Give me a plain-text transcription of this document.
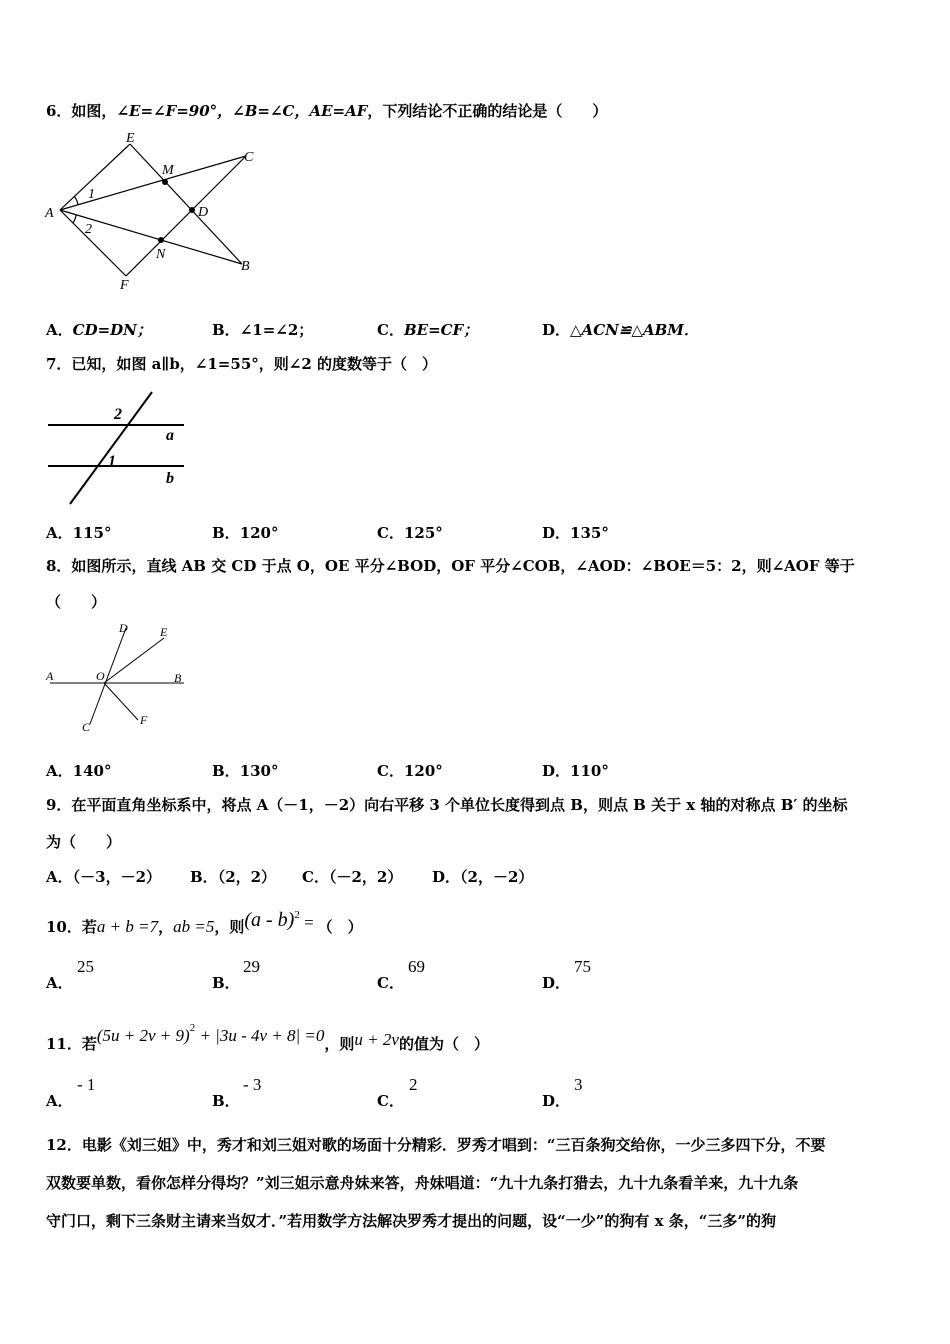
6．如图，∠E=∠F=90°，∠B=∠C，AE=AF，下列结论不正确的结论是（　　）
E
M
C
A	D
N
B
F
1
2
A．CD=DN；	B．∠1=∠2；	C．BE=CF；	D．△ACN≌△ABM．
7．已知，如图 a∥b，∠1=55°，则∠2 的度数等于（　）
2
1
a
b
A．115°	B．120°	C．125°	D．135°
8．如图所示，直线 AB 交 CD 于点 O，OE 平分∠BOD，OF 平分∠COB，∠AOD：∠BOE＝5：2，则∠AOF 等于
（　　）
D	E
A	O	B
C	F
A．140°	B．130°	C．120°	D．110°
9．在平面直角坐标系中，将点 A（－1，－2）向右平移 3 个单位长度得到点 B，则点 B 关于 x 轴的对称点 B′ 的坐标
为（　　）
A．（－3，－2） B．（2，2） C．（－2，2） D．（2，－2）
10．若a + b =7，ab =5，则(a - b)$^2$ = （　）
A．
25
B．
29
C．
69
D．
75
11．若$(5u + 2v + 9)^2 + |3u - 4v + 8| =0$，则u + 2v的值为（　）
A．
- 1
B．
- 3
C．
2
D．
3
12．电影《刘三姐》中，秀才和刘三姐对歌的场面十分精彩．罗秀才唱到：“三百条狗交给你，一少三多四下分，不要
双数要单数，看你怎样分得均？”刘三姐示意舟妹来答，舟妹唱道：“九十九条打猎去，九十九条看羊来，九十九条
守门口，剩下三条财主请来当奴才．”若用数学方法解决罗秀才提出的问题，设“一少”的狗有 x 条，“三多”的狗
